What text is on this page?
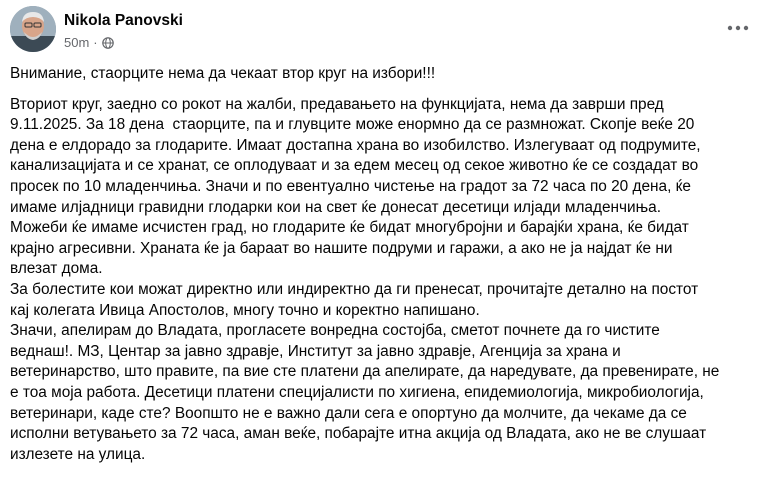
Nikola Panovski
50m ·

Внимание, стаорците нема да чекаат втор круг на избори!!!

Вториот круг, заедно со рокот на жалби, предавањето на функцијата, нема да заврши пред
9.11.2025. За 18 дена  стаорците, па и глувците може енормно да се размножат. Скопје веќе 20
дена е елдорадо за глодарите. Имаат достапна храна во изобилство. Излегуваат од подрумите,
канализацијата и се хранат, се оплодуваат и за едем месец од секое животно ќе се создадат во
просек по 10 младенчиња. Значи и по евентуално чистење на градот за 72 часа по 20 дена, ќе
имаме илјадници гравидни глодарки кои на свет ќе донесат десетици илјади младенчиња.
Можеби ќе имаме исчистен град, но глодарите ќе бидат многубројни и бараjќи храна, ќе бидат
крајно агресивни. Храната ќе ја бараат во нашите подруми и гаражи, а ако не ја најдат ќе ни
влезат дома.

За болестите кои можат директно или индиректно да ги пренесат, прочитајте детално на постот
кај колегата Ивица Апостолов, многу точно и коректно напишано.

Значи, апелирам до Владата, прогласете вонредна состојба, сметот почнете да го чистите
веднаш!. МЗ, Центар за јавно здравје, Институт за јавно здравје, Агенција за храна и
ветеринарство, што правите, па вие сте платени да апелирате, да наредувате, да превенирате, не
е тоа моја работа. Десетици платени специјалисти по хигиена, епидемиологија, микробиологија,
ветеринари, каде сте? Воопшто не е важно дали сега е опортуно да молчите, да чекаме да се
исполни ветувањето за 72 часа, аман веќе, побарајте итна акција од Владата, ако не ве слушаат
излезете на улица.
